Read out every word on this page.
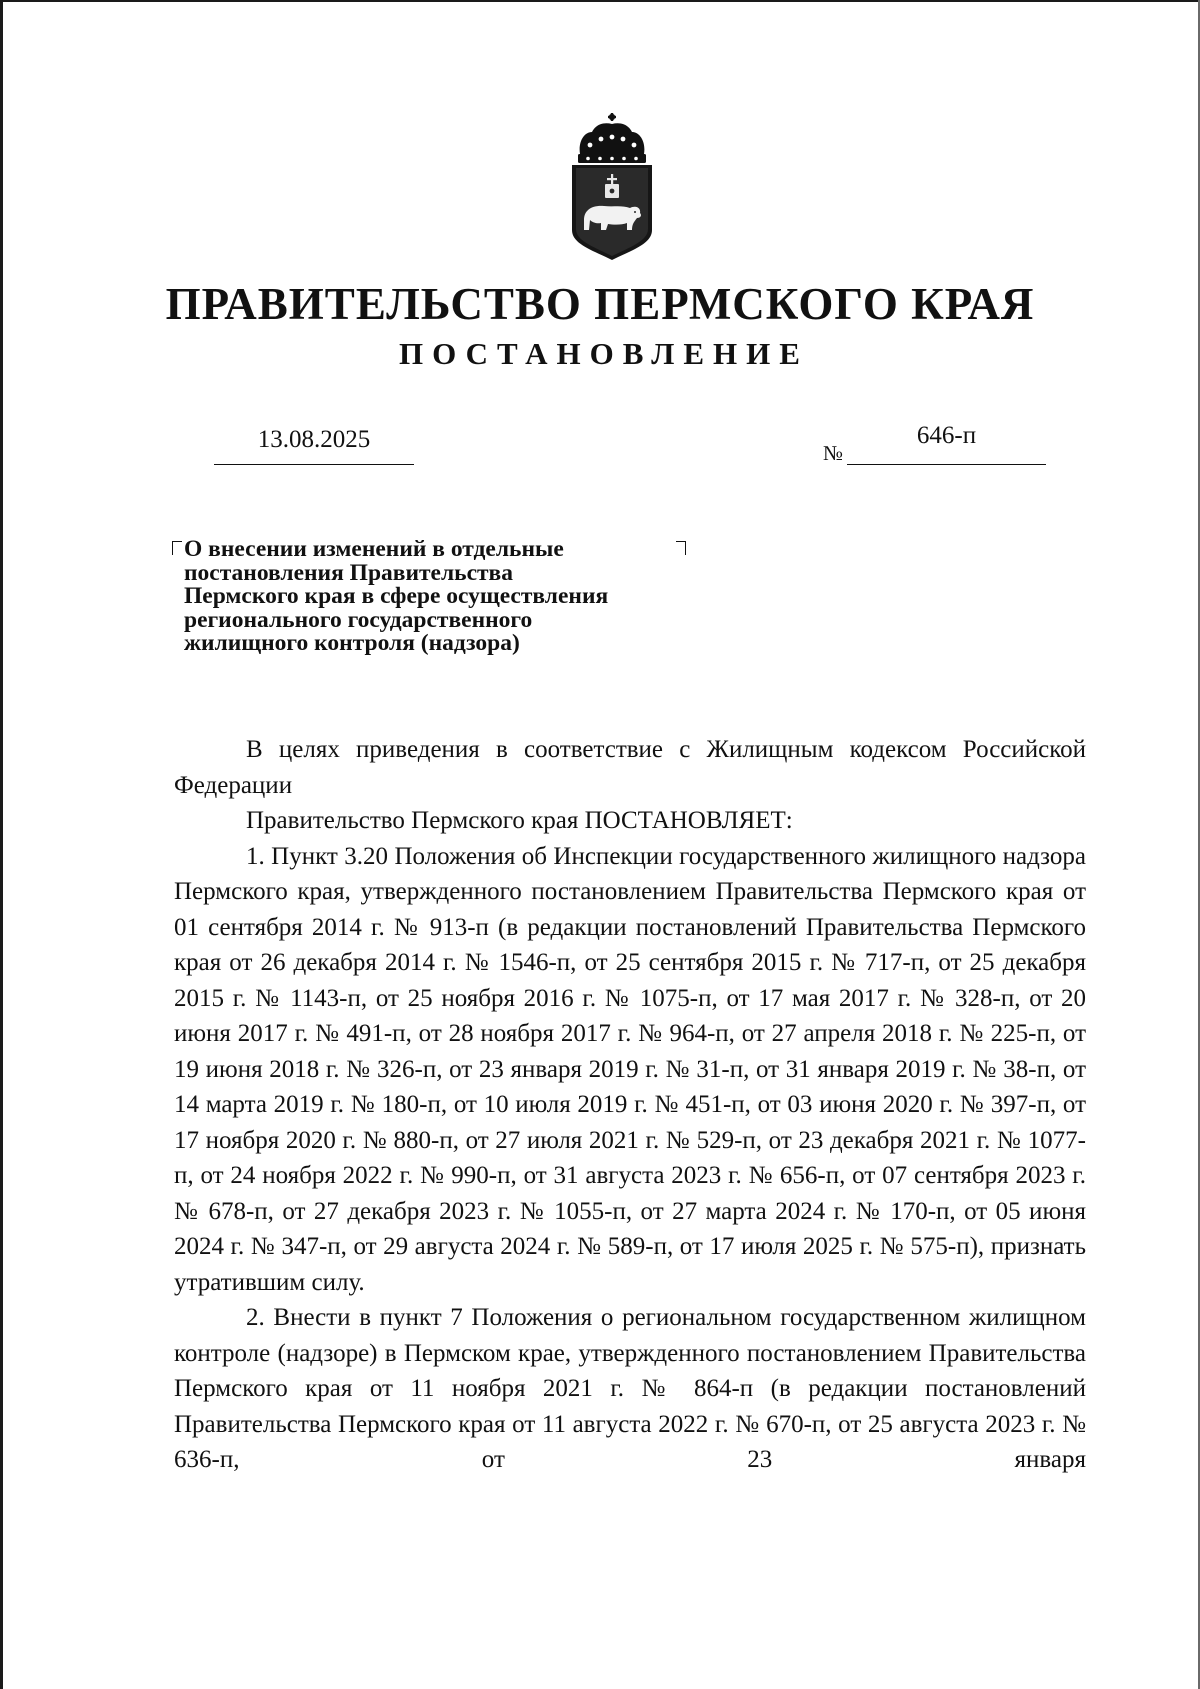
ПРАВИТЕЛЬСТВО ПЕРМСКОГО КРАЯ
ПОСТАНОВЛЕНИЕ
13.08.2025	№
646-п
О внесении изменений в отдельные
постановления Правительства
Пермского края в сфере осуществления
регионального государственного
жилищного контроля (надзора)

В целях приведения в соответствие с Жилищным кодексом Российской Федерации

Правительство Пермского края ПОСТАНОВЛЯЕТ:

1. Пункт 3.20 Положения об Инспекции государственного жилищного надзора Пермского края, утвержденного постановлением Правительства Пермского края от 01 сентября 2014 г. № 913-п (в редакции постановлений Правительства Пермского края от 26 декабря 2014 г. № 1546-п, от 25 сентября 2015 г. № 717-п, от 25 декабря 2015 г. № 1143-п, от 25 ноября 2016 г. № 1075-п, от 17 мая 2017 г. № 328-п, от 20 июня 2017 г. № 491-п, от 28 ноября 2017 г. № 964-п, от 27 апреля 2018 г. № 225-п, от 19 июня 2018 г. № 326-п, от 23 января 2019 г. № 31-п, от 31 января 2019 г. № 38-п, от 14 марта 2019 г. № 180-п, от 10 июля 2019 г. № 451-п, от 03 июня 2020 г. № 397-п, от 17 ноября 2020 г. № 880-п, от 27 июля 2021 г. № 529-п, от 23 декабря 2021 г. № 1077-п, от 24 ноября 2022 г. № 990-п, от 31 августа 2023 г. № 656-п, от 07 сентября 2023 г. № 678-п, от 27 декабря 2023 г. № 1055-п, от 27 марта 2024 г. № 170-п, от 05 июня 2024 г. № 347-п, от 29 августа 2024 г. № 589-п, от 17 июля 2025 г. № 575-п), признать утратившим силу.

2. Внести в пункт 7 Положения о региональном государственном жилищном контроле (надзоре) в Пермском крае, утвержденного постановлением Правительства Пермского края от 11 ноября 2021 г. № 864-п (в редакции постановлений Правительства Пермского края от 11 августа 2022 г. № 670-п, от 25 августа 2023 г. № 636-п, от 23 января
